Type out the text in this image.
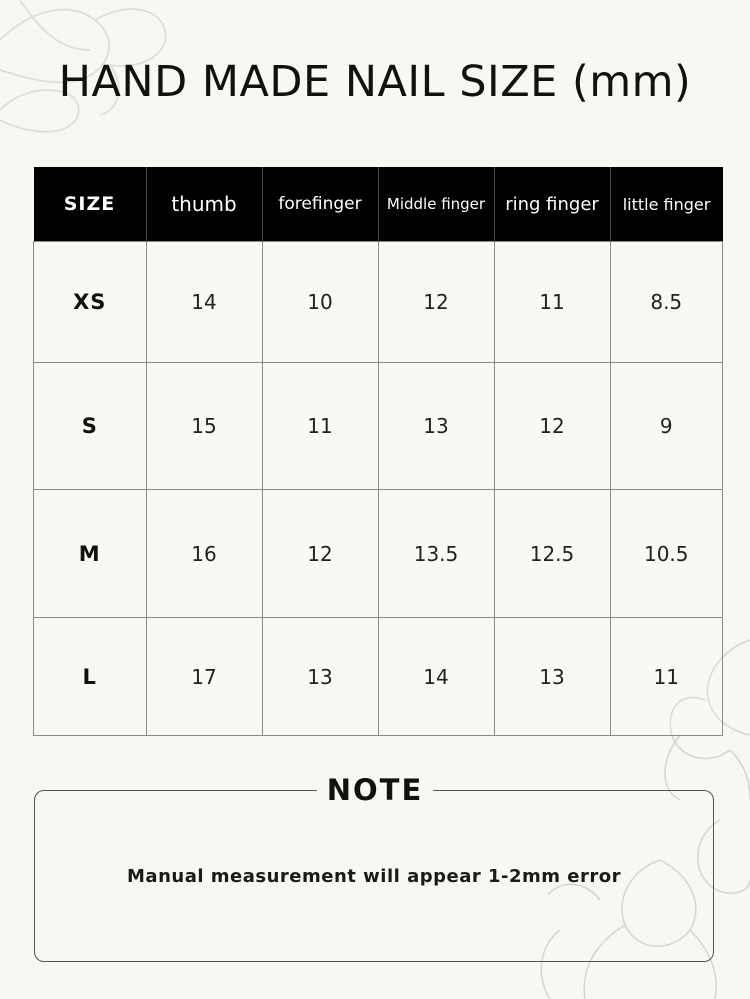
HAND MADE NAIL SIZE (mm)
SIZE	thumb	forefinger	Middle finger	ring finger	little finger
XS	14	10	12	11	8.5
S	15	11	13	12	9
M	16	12	13.5	12.5	10.5
L	17	13	14	13	11
NOTE
Manual measurement will appear 1-2mm error
